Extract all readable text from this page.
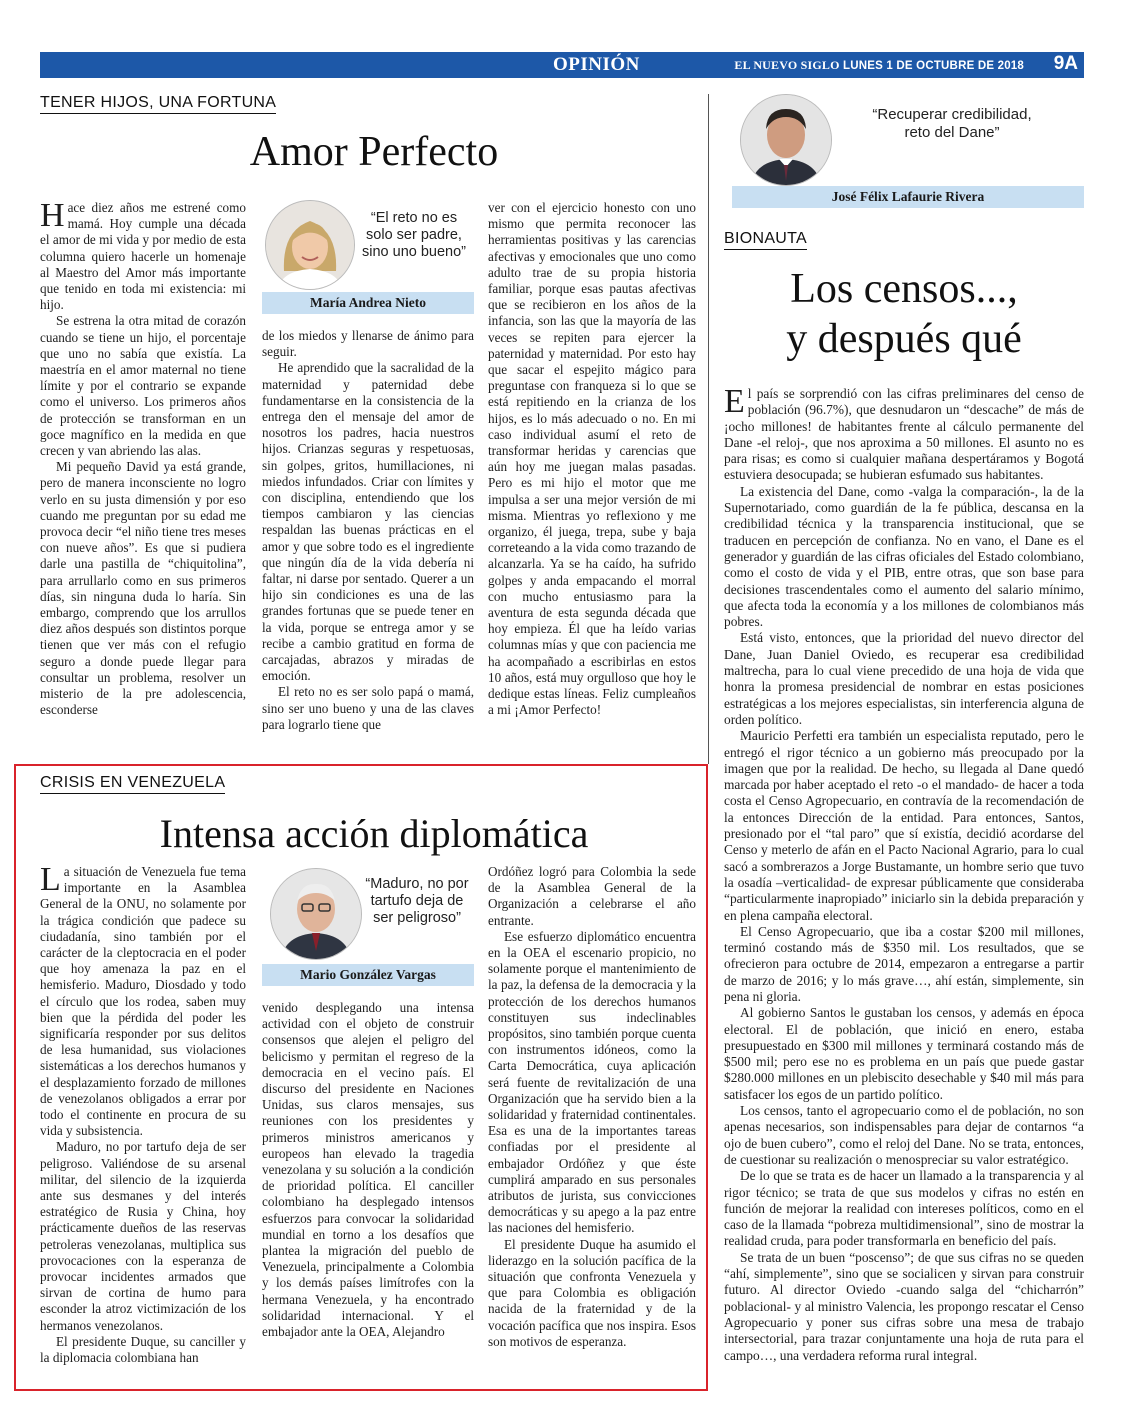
OPINIÓN	EL NUEVO SIGLO LUNES 1 DE OCTUBRE DE 2018 9A
TENER HIJOS, UNA FORTUNA
Amor Perfecto

Hace diez años me estrené como mamá. Hoy cumple una década el amor de mi vida y por medio de esta columna quiero hacerle un homenaje al Maestro del Amor más importante que tenido en toda mi existencia: mi hijo.

Se estrena la otra mitad de corazón cuando se tiene un hijo, el porcentaje que uno no sabía que existía. La maestría en el amor maternal no tiene límite y por el contrario se expande como el universo. Los primeros años de protección se transforman en un goce magnífico en la medida en que crecen y van abriendo las alas.

Mi pequeño David ya está grande, pero de manera inconsciente no logro verlo en su justa dimensión y por eso cuando me preguntan por su edad me provoca decir “el niño tiene tres meses con nueve años”. Es que si pudiera darle una pastilla de “chiquitolina”, para arrullarlo como en sus primeros días, sin ninguna duda lo haría. Sin embargo, comprendo que los arrullos diez años después son distintos porque tienen que ver más con el refugio seguro a donde puede llegar para consultar un problema, resolver un misterio de la pre adolescencia, esconderse

“El reto no es solo ser padre, sino uno bueno”
María Andrea Nieto

de los miedos y llenarse de ánimo para seguir.

He aprendido que la sacralidad de la maternidad y paternidad debe fundamentarse en la consistencia de la entrega den el mensaje del amor de nosotros los padres, hacia nuestros hijos. Crianzas seguras y respetuosas, sin golpes, gritos, humillaciones, ni miedos infundados. Criar con límites y con disciplina, entendiendo que los tiempos cambiaron y las ciencias respaldan las buenas prácticas en el amor y que sobre todo es el ingrediente que ningún día de la vida debería ni faltar, ni darse por sentado. Querer a un hijo sin condiciones es una de las grandes fortunas que se puede tener en la vida, porque se entrega amor y se recibe a cambio gratitud en forma de carcajadas, abrazos y miradas de emoción.

El reto no es ser solo papá o mamá, sino ser uno bueno y una de las claves para lograrlo tiene que

ver con el ejercicio honesto con uno mismo que permita reconocer las herramientas positivas y las carencias afectivas y emocionales que uno como adulto trae de su propia historia familiar, porque esas pautas afectivas que se recibieron en los años de la infancia, son las que la mayoría de las veces se repiten para ejercer la paternidad y maternidad. Por esto hay que sacar el espejito mágico para preguntase con franqueza si lo que se está repitiendo en la crianza de los hijos, es lo más adecuado o no. En mi caso individual asumí el reto de transformar heridas y carencias que aún hoy me juegan malas pasadas. Pero es mi hijo el motor que me impulsa a ser una mejor versión de mi misma. Mientras yo reflexiono y me organizo, él juega, trepa, sube y baja correteando a la vida como trazando de alcanzarla. Ya se ha caído, ha sufrido golpes y anda empacando el morral con mucho entusiasmo para la aventura de esta segunda década que hoy empieza. Él que ha leído varias columnas mías y que con paciencia me ha acompañado a escribirlas en estos 10 años, está muy orgulloso que hoy le dedique estas líneas. Feliz cumpleaños a mi ¡Amor Perfecto!

CRISIS EN VENEZUELA
Intensa acción diplomática

La situación de Venezuela fue tema importante en la Asamblea General de la ONU, no solamente por la trágica condición que padece su ciudadanía, sino también por el carácter de la cleptocracia en el poder que hoy amenaza la paz en el hemisferio. Maduro, Diosdado y todo el círculo que los rodea, saben muy bien que la pérdida del poder les significaría responder por sus delitos de lesa humanidad, sus violaciones sistemáticas a los derechos humanos y el desplazamiento forzado de millones de venezolanos obligados a errar por todo el continente en procura de su vida y subsistencia.

Maduro, no por tartufo deja de ser peligroso. Valiéndose de su arsenal militar, del silencio de la izquierda ante sus desmanes y del interés estratégico de Rusia y China, hoy prácticamente dueños de las reservas petroleras venezolanas, multiplica sus provocaciones con la esperanza de provocar incidentes armados que sirvan de cortina de humo para esconder la atroz victimización de los hermanos venezolanos.

El presidente Duque, su canciller y la diplomacia colombiana han

“Maduro, no por tartufo deja de ser peligroso”
Mario González Vargas

venido desplegando una intensa actividad con el objeto de construir consensos que alejen el peligro del belicismo y permitan el regreso de la democracia en el vecino país. El discurso del presidente en Naciones Unidas, sus claros mensajes, sus reuniones con los presidentes y primeros ministros americanos y europeos han elevado la tragedia venezolana y su solución a la condición de prioridad política. El canciller colombiano ha desplegado intensos esfuerzos para convocar la solidaridad mundial en torno a los desafíos que plantea la migración del pueblo de Venezuela, principalmente a Colombia y los demás países limítrofes con la hermana Venezuela, y ha encontrado solidaridad internacional. Y el embajador ante la OEA, Alejandro

Ordóñez logró para Colombia la sede de la Asamblea General de la Organización a celebrarse el año entrante.

Ese esfuerzo diplomático encuentra en la OEA el escenario propicio, no solamente porque el mantenimiento de la paz, la defensa de la democracia y la protección de los derechos humanos constituyen sus indeclinables propósitos, sino también porque cuenta con instrumentos idóneos, como la Carta Democrática, cuya aplicación será fuente de revitalización de una Organización que ha servido bien a la solidaridad y fraternidad continentales. Esa es una de la importantes tareas confiadas por el presidente al embajador Ordóñez y que éste cumplirá amparado en sus personales atributos de jurista, sus convicciones democráticas y su apego a la paz entre las naciones del hemisferio.

El presidente Duque ha asumido el liderazgo en la solución pacífica de la situación que confronta Venezuela y que para Colombia es obligación nacida de la fraternidad y de la vocación pacífica que nos inspira. Esos son motivos de esperanza.

“Recuperar credibilidad, reto del Dane”
José Félix Lafaurie Rivera
BIONAUTA
Los censos...,
y después qué

El país se sorprendió con las cifras preliminares del censo de población (96.7%), que desnudaron un “descache” de más de ¡ocho millones! de habitantes frente al cálculo permanente del Dane -el reloj-, que nos aproxima a 50 millones. El asunto no es para risas; es como si cualquier mañana despertáramos y Bogotá estuviera desocupada; se hubieran esfumado sus habitantes.

La existencia del Dane, como -valga la comparación-, la de la Supernotariado, como guardián de la fe pública, descansa en la credibilidad técnica y la transparencia institucional, que se traducen en percepción de confianza. No en vano, el Dane es el generador y guardián de las cifras oficiales del Estado colombiano, como el costo de vida y el PIB, entre otras, que son base para decisiones trascendentales como el aumento del salario mínimo, que afecta toda la economía y a los millones de colombianos más pobres.

Está visto, entonces, que la prioridad del nuevo director del Dane, Juan Daniel Oviedo, es recuperar esa credibilidad maltrecha, para lo cual viene precedido de una hoja de vida que honra la promesa presidencial de nombrar en estas posiciones estratégicas a los mejores especialistas, sin interferencia alguna de orden político.

Mauricio Perfetti era también un especialista reputado, pero le entregó el rigor técnico a un gobierno más preocupado por la imagen que por la realidad. De hecho, su llegada al Dane quedó marcada por haber aceptado el reto -o el mandado- de hacer a toda costa el Censo Agropecuario, en contravía de la recomendación de la entonces Dirección de la entidad. Para entonces, Santos, presionado por el “tal paro” que sí existía, decidió acordarse del Censo y meterlo de afán en el Pacto Nacional Agrario, para lo cual sacó a sombrerazos a Jorge Bustamante, un hombre serio que tuvo la osadía –verticalidad- de expresar públicamente que consideraba “particularmente inapropiado” iniciarlo sin la debida preparación y en plena campaña electoral.

El Censo Agropecuario, que iba a costar $200 mil millones, terminó costando más de $350 mil. Los resultados, que se ofrecieron para octubre de 2014, empezaron a entregarse a partir de marzo de 2016; y lo más grave…, ahí están, simplemente, sin pena ni gloria.

Al gobierno Santos le gustaban los censos, y además en época electoral. El de población, que inició en enero, estaba presupuestado en $300 mil millones y terminará costando más de $500 mil; pero ese no es problema en un país que puede gastar $280.000 millones en un plebiscito desechable y $40 mil más para satisfacer los egos de un partido político.

Los censos, tanto el agropecuario como el de población, no son apenas necesarios, son indispensables para dejar de contarnos “a ojo de buen cubero”, como el reloj del Dane. No se trata, entonces, de cuestionar su realización o menospreciar su valor estratégico.

De lo que se trata es de hacer un llamado a la transparencia y al rigor técnico; se trata de que sus modelos y cifras no estén en función de mejorar la realidad con intereses políticos, como en el caso de la llamada “pobreza multidimensional”, sino de mostrar la realidad cruda, para poder transformarla en beneficio del país.

Se trata de un buen “poscenso”; de que sus cifras no se queden “ahí, simplemente”, sino que se socialicen y sirvan para construir futuro. Al director Oviedo -cuando salga del “chicharrón” poblacional- y al ministro Valencia, les propongo rescatar el Censo Agropecuario y poner sus cifras sobre una mesa de trabajo intersectorial, para trazar conjuntamente una hoja de ruta para el campo…, una verdadera reforma rural integral.
